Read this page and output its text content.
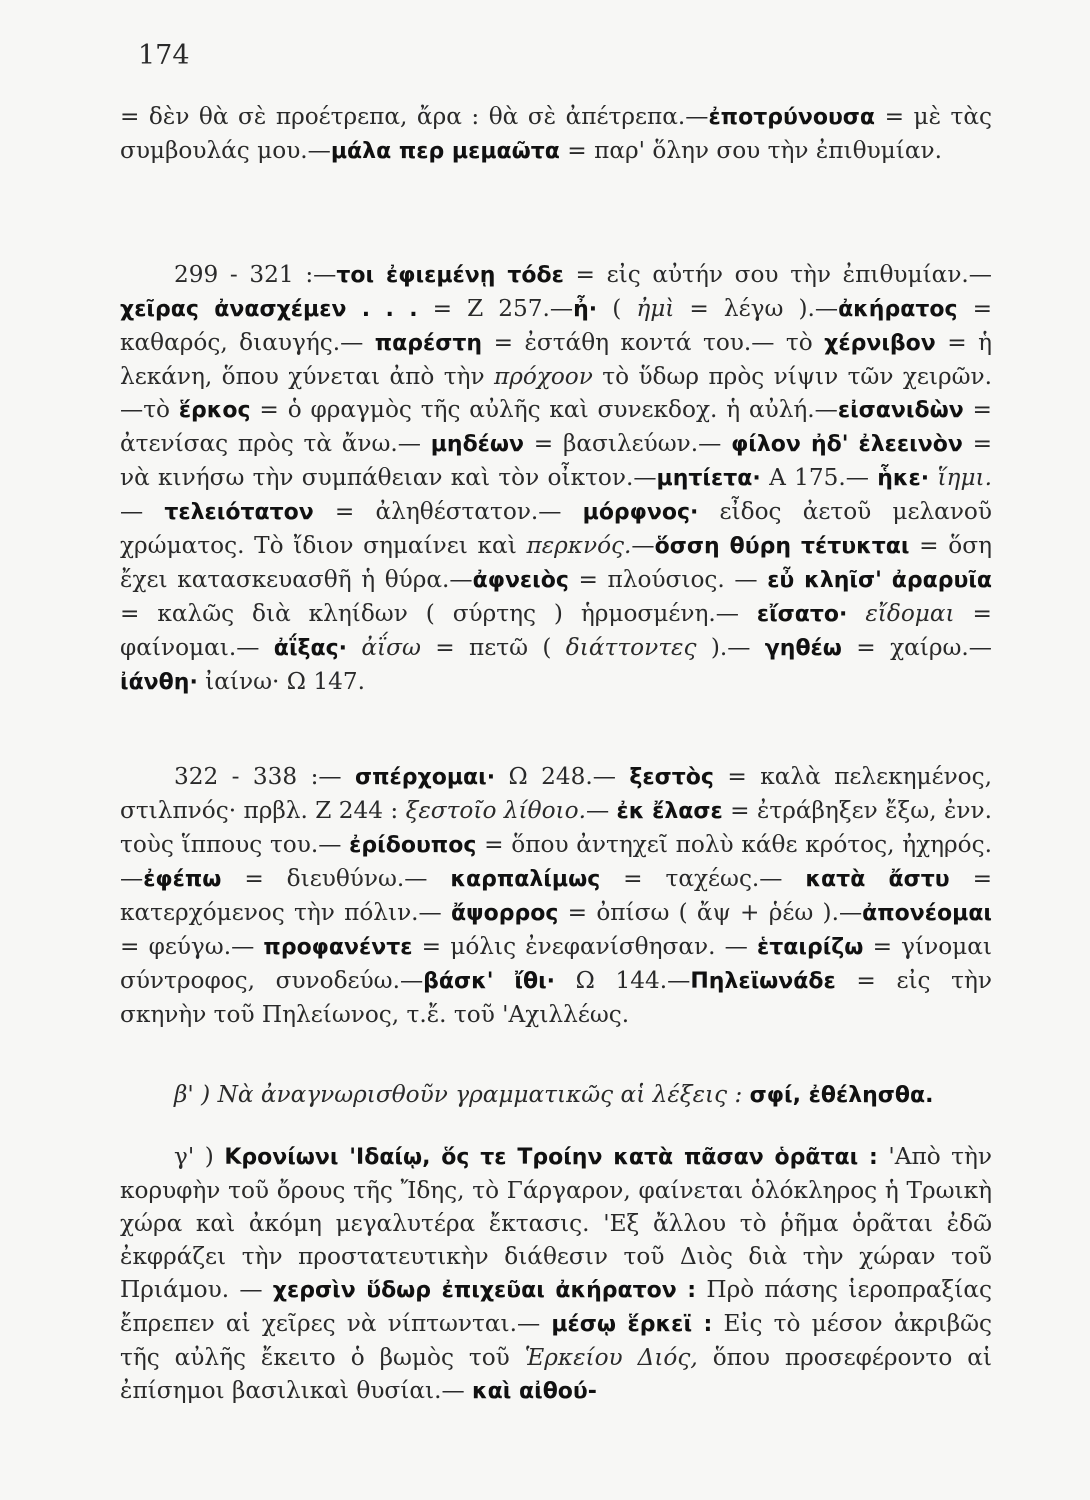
174

= δὲν θὰ σὲ προέτρεπα, ἄρα : θὰ σὲ ἀπέτρεπα.—ἐποτρύνουσα = μὲ τὰς συμβουλάς μου.—μάλα περ μεμαῶτα = παρ' ὅλην σου τὴν ἐπιθυμίαν.

299 - 321 :—τοι ἐφιεμένῃ τόδε = εἰς αὐτήν σου τὴν ἐπιθυμίαν.—χεῖρας ἀνασχέμεν . . . = Ζ 257.—ἦ· ( ἠμὶ = λέγω ).—ἀκήρατος = καθαρός, διαυγής.— παρέστη = ἐστάθη κοντά του.— τὸ χέρνιβον = ἡ λεκάνη, ὅπου χύνεται ἀπὸ τὴν πρόχοον τὸ ὕδωρ πρὸς νίψιν τῶν χειρῶν.—τὸ ἕρκος = ὁ φραγμὸς τῆς αὐλῆς καὶ συνεκδοχ. ἡ αὐλή.—εἰσανιδὼν = ἀτενίσας πρὸς τὰ ἄνω.— μηδέων = βασιλεύων.— φίλον ἠδ' ἐλεεινὸν = νὰ κινήσω τὴν συμπάθειαν καὶ τὸν οἶκτον.—μητίετα· Α 175.— ἧκε· ἵημι. — τελειότατον = ἀληθέστατον.— μόρφνος· εἶδος ἀετοῦ μελανοῦ χρώματος. Τὸ ἴδιον σημαίνει καὶ περκνός.—ὅσση θύρη τέτυκται = ὅση ἔχει κατασκευασθῆ ἡ θύρα.—ἀφνειὸς = πλούσιος. — εὖ κληῖσ' ἀραρυῖα = καλῶς διὰ κληίδων ( σύρτης ) ἡρμοσμένη.— εἴσατο· εἴδομαι = φαίνομαι.— ἀΐξας· ἀΐσω = πετῶ ( διάττοντες ).— γηθέω = χαίρω.— ἰάνθη· ἰαίνω· Ω 147.

322 - 338 :— σπέρχομαι· Ω 248.— ξεστὸς = καλὰ πελεκημένος, στιλπνός· πρβλ. Ζ 244 : ξεστοῖο λίθοιο.— ἐκ ἔλασε = ἐτράβηξεν ἔξω, ἐνν. τοὺς ἵππους του.— ἐρίδουπος = ὅπου ἀντηχεῖ πολὺ κάθε κρότος, ἠχηρός.—ἐφέπω = διευθύνω.— καρπαλίμως = ταχέως.— κατὰ ἄστυ = κατερχόμενος τὴν πόλιν.— ἄψορρος = ὀπίσω ( ἄψ + ῥέω ).—ἀπονέομαι = φεύγω.— προφανέντε = μόλις ἐνεφανίσθησαν. — ἑταιρίζω = γίνομαι σύντροφος, συνοδεύω.—βάσκ' ἴθι· Ω 144.—Πηλεϊωνάδε = εἰς τὴν σκηνὴν τοῦ Πηλείωνος, τ.ἔ. τοῦ 'Αχιλλέως.

β' ) Νὰ ἀναγνωρισθοῦν γραμματικῶς αἱ λέξεις : σφί, ἐθέλησθα.

γ' ) Κρονίωνι 'Ιδαίῳ, ὅς τε Τροίην κατὰ πᾶσαν ὁρᾶται : 'Απὸ τὴν κορυφὴν τοῦ ὄρους τῆς Ἴδης, τὸ Γάργαρον, φαίνεται ὁλόκληρος ἡ Τρωικὴ χώρα καὶ ἀκόμη μεγαλυτέρα ἔκτασις. 'Εξ ἄλλου τὸ ῥῆμα ὁρᾶται ἐδῶ ἐκφράζει τὴν προστατευτικὴν διάθεσιν τοῦ Διὸς διὰ τὴν χώραν τοῦ Πριάμου. — χερσὶν ὕδωρ ἐπιχεῦαι ἀκήρατον : Πρὸ πάσης ἱεροπραξίας ἔπρεπεν αἱ χεῖρες νὰ νίπτωνται.— μέσῳ ἕρκεϊ : Εἰς τὸ μέσον ἀκριβῶς τῆς αὐλῆς ἔκειτο ὁ βωμὸς τοῦ Ἑρκείου Διός, ὅπου προσεφέροντο αἱ ἐπίσημοι βασιλικαὶ θυσίαι.— καὶ αἰθού-
